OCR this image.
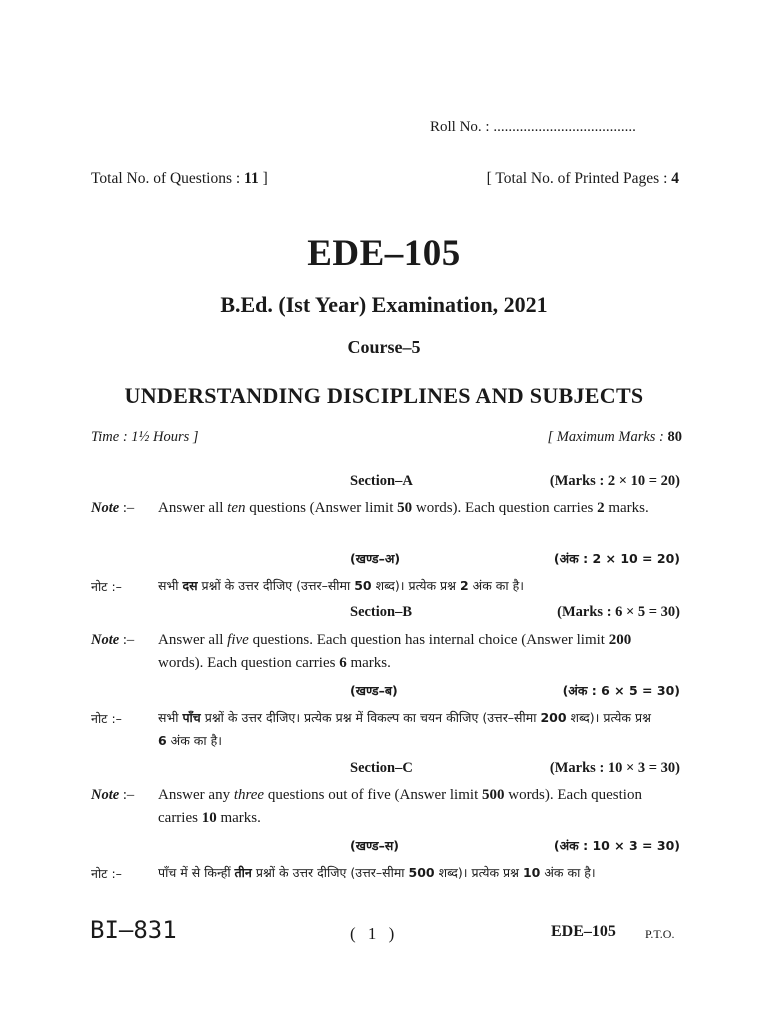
Roll No. : ......................................
Total No. of Questions : 11 ]	[ Total No. of Printed Pages : 4
EDE–105
B.Ed. (Ist Year) Examination, 2021
Course–5
UNDERSTANDING DISCIPLINES AND SUBJECTS
Time : 1½ Hours ]	[ Maximum Marks : 80
Section–A	(Marks : 2 × 10 = 20)
Note :– Answer all ten questions (Answer limit 50 words). Each question carries 2 marks.
(खण्ड–अ)	(अंक : 2 × 10 = 20)
नोट :–	सभी दस प्रश्नों के उत्तर दीजिए (उत्तर–सीमा 50 शब्द)। प्रत्येक प्रश्न 2 अंक का है।
Section–B	(Marks : 6 × 5 = 30)
Note :– Answer all five questions. Each question has internal choice (Answer limit 200 words). Each question carries 6 marks.
(खण्ड–ब)	(अंक : 6 × 5 = 30)
नोट :–	सभी पाँच प्रश्नों के उत्तर दीजिए। प्रत्येक प्रश्न में विकल्प का चयन कीजिए (उत्तर–सीमा 200 शब्द)। प्रत्येक प्रश्न 6 अंक का है।
Section–C	(Marks : 10 × 3 = 30)
Note :– Answer any three questions out of five (Answer limit 500 words). Each question carries 10 marks.
(खण्ड–स)	(अंक : 10 × 3 = 30)
नोट :–	पाँच में से किन्हीं तीन प्रश्नों के उत्तर दीजिए (उत्तर–सीमा 500 शब्द)। प्रत्येक प्रश्न 10 अंक का है।
BI–831	( 1 )	EDE–105 P.T.O.
